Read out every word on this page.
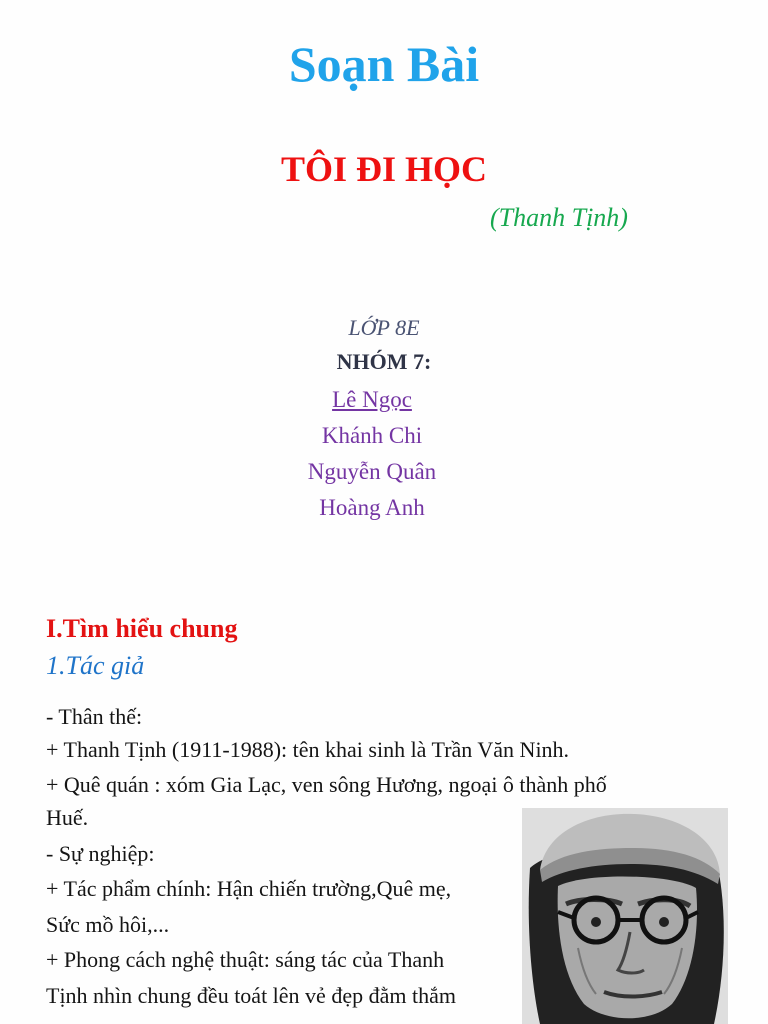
Soạn Bài
TÔI ĐI HỌC
(Thanh Tịnh)
LỚP 8E
NHÓM 7:
Lê Ngọc
Khánh Chi
Nguyễn Quân
Hoàng Anh
I.Tìm hiểu chung
1.Tác giả
- Thân thế:
+ Thanh Tịnh (1911-1988): tên khai sinh là Trần Văn Ninh.
+ Quê quán : xóm Gia Lạc, ven sông Hương, ngoại ô thành phố
Huế.
- Sự nghiệp:
+ Tác phẩm chính: Hận chiến trường,Quê mẹ,
Sức mồ hôi,...
+ Phong cách nghệ thuật: sáng tác của Thanh
Tịnh nhìn chung đều toát lên vẻ đẹp đằm thắm
